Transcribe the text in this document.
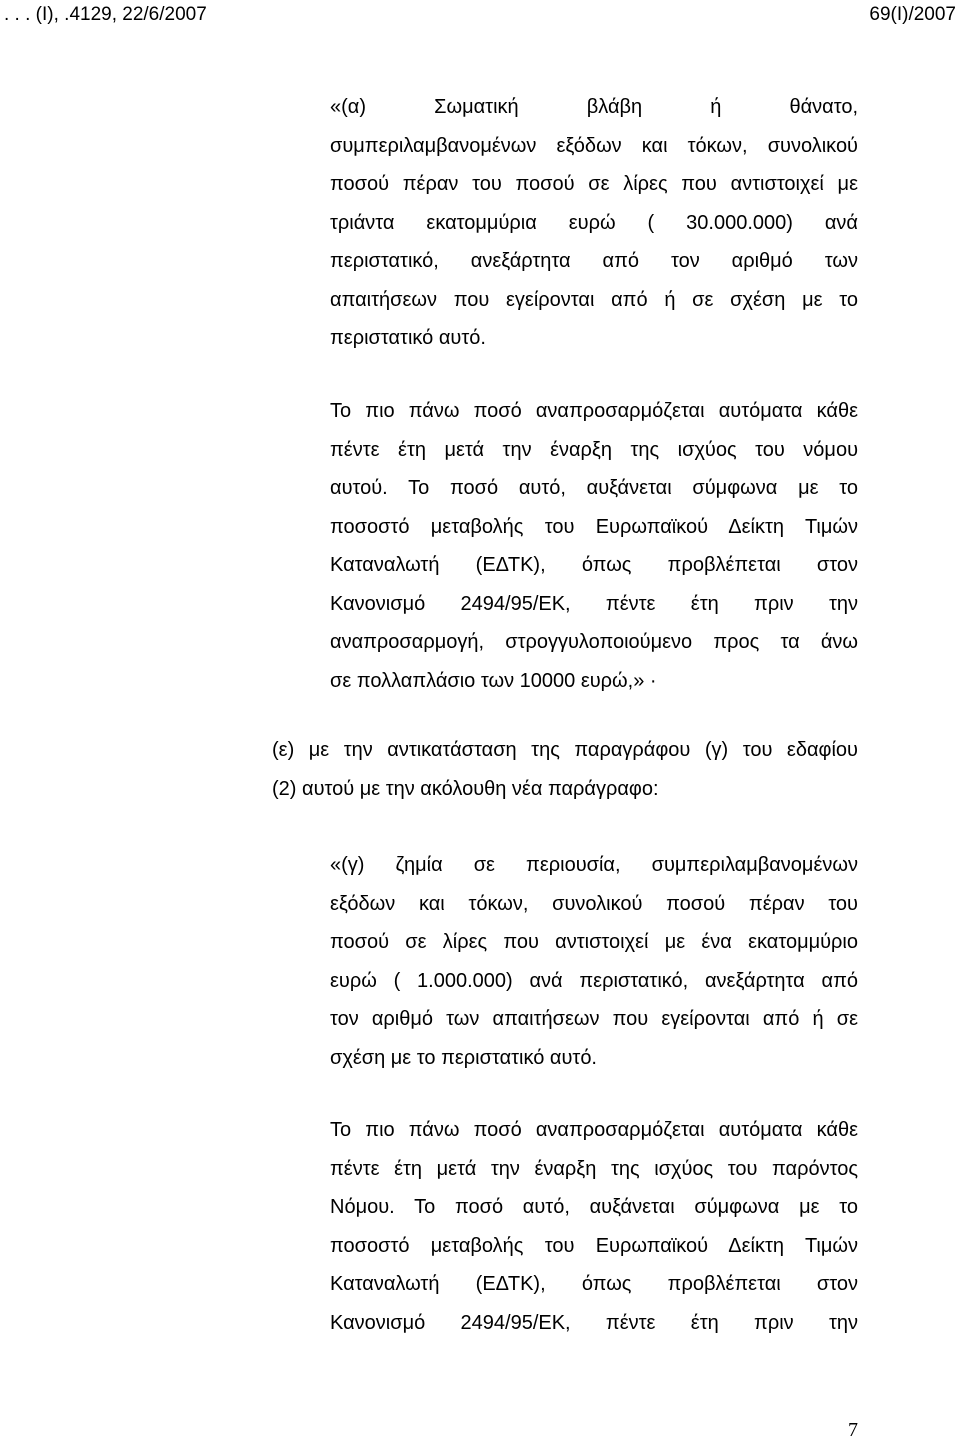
. . . (Ι), .4129, 22/6/2007	69(Ι)/2007
«(α) Σωματική βλάβη ή θάνατο,
συμπεριλαμβανομένων εξόδων και τόκων, συνολικού
ποσού πέραν του ποσού σε λίρες που αντιστοιχεί με
τριάντα εκατομμύρια ευρώ ( 30.000.000) ανά
περιστατικό, ανεξάρτητα από τον αριθμό των
απαιτήσεων που εγείρονται από ή σε σχέση με το
περιστατικό αυτό.
Το πιο πάνω ποσό αναπροσαρμόζεται αυτόματα κάθε
πέντε έτη μετά την έναρξη της ισχύος του νόμου
αυτού. Το ποσό αυτό, αυξάνεται σύμφωνα με το
ποσοστό μεταβολής του Ευρωπαϊκού Δείκτη Τιμών
Καταναλωτή (ΕΔΤΚ), όπως προβλέπεται στον
Κανονισμό 2494/95/ΕΚ, πέντε έτη πριν την
αναπροσαρμογή, στρογγυλοποιούμενο προς τα άνω
σε πολλαπλάσιο των 10000 ευρώ,» ·
(ε) με την αντικατάσταση της παραγράφου (γ) του εδαφίου
(2) αυτού με την ακόλουθη νέα παράγραφο:
«(γ) ζημία σε περιουσία, συμπεριλαμβανομένων
εξόδων και τόκων, συνολικού ποσού πέραν του
ποσού σε λίρες που αντιστοιχεί με ένα εκατομμύριο
ευρώ ( 1.000.000) ανά περιστατικό, ανεξάρτητα από
τον αριθμό των απαιτήσεων που εγείρονται από ή σε
σχέση με το περιστατικό αυτό.
Το πιο πάνω ποσό αναπροσαρμόζεται αυτόματα κάθε
πέντε έτη μετά την έναρξη της ισχύος του παρόντος
Νόμου. Το ποσό αυτό, αυξάνεται σύμφωνα με το
ποσοστό μεταβολής του Ευρωπαϊκού Δείκτη Τιμών
Καταναλωτή (ΕΔΤΚ), όπως προβλέπεται στον
Κανονισμό 2494/95/ΕΚ, πέντε έτη πριν την
7
